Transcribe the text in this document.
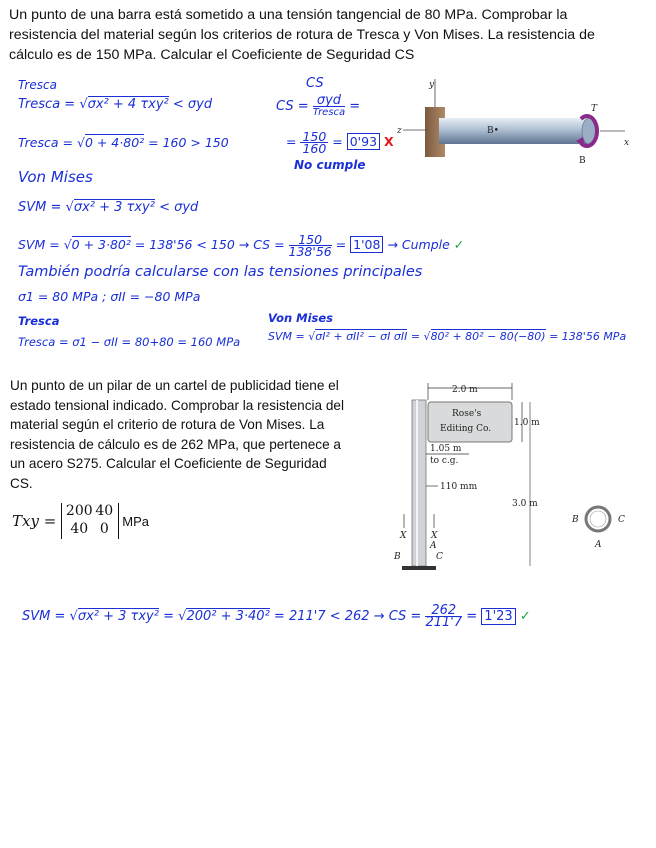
Un punto de una barra está sometido a una tensión tangencial de 80 MPa. Comprobar la resistencia del material según los criterios de rotura de Tresca y Von Mises. La resistencia de cálculo es de 150 MPa. Calcular el Coeficiente de Seguridad CS
Tresca
Tresca = √σx² + 4 τxy² < σyd
Tresca = √0 + 4·80² = 160 > 150
CS
CS = $\frac{\text{σyd}}{\text{Tresca}}$ =
= $\frac{150}{160} = 0'93$ X
No cumple
Von Mises
SVM = √σx² + 3 τxy² < σyd
SVM = √0 + 3·80² = 138'56 < 150 → CS = $\frac{150}{138'56} = 1'08$ → Cumple ✓
También podría calcularse con las tensiones principales
σ1 = 80 MPa ; σII = −80 MPa
Tresca
Tresca = σ1 − σII = 80+80 = 160 MPa
Von Mises
SVM = √σI² + σII² − σI σII = √80² + 80² − 80(−80) = 138'56 MPa
y
z
x
T
B•
B
Un punto de un pilar de un cartel de publicidad tiene el estado tensional indicado. Comprobar la resistencia del material según el criterio de rotura de Von Mises. La resistencia de cálculo es de 262 MPa, que pertenece a un acero S275. Calcular el Coeficiente de Seguridad CS.
Txy =
200 40
40 0	MPa
2.0 m
Rose's
Editing Co.
1.0 m
1.05 m
to c.g.
110 mm
3.0 m
X	X
A
B	C
B	C
A
SVM = √σx² + 3 τxy² = √200² + 3·40² = 211'7 < 262 → CS = $\frac{262}{211'7} = 1'23$ ✓
